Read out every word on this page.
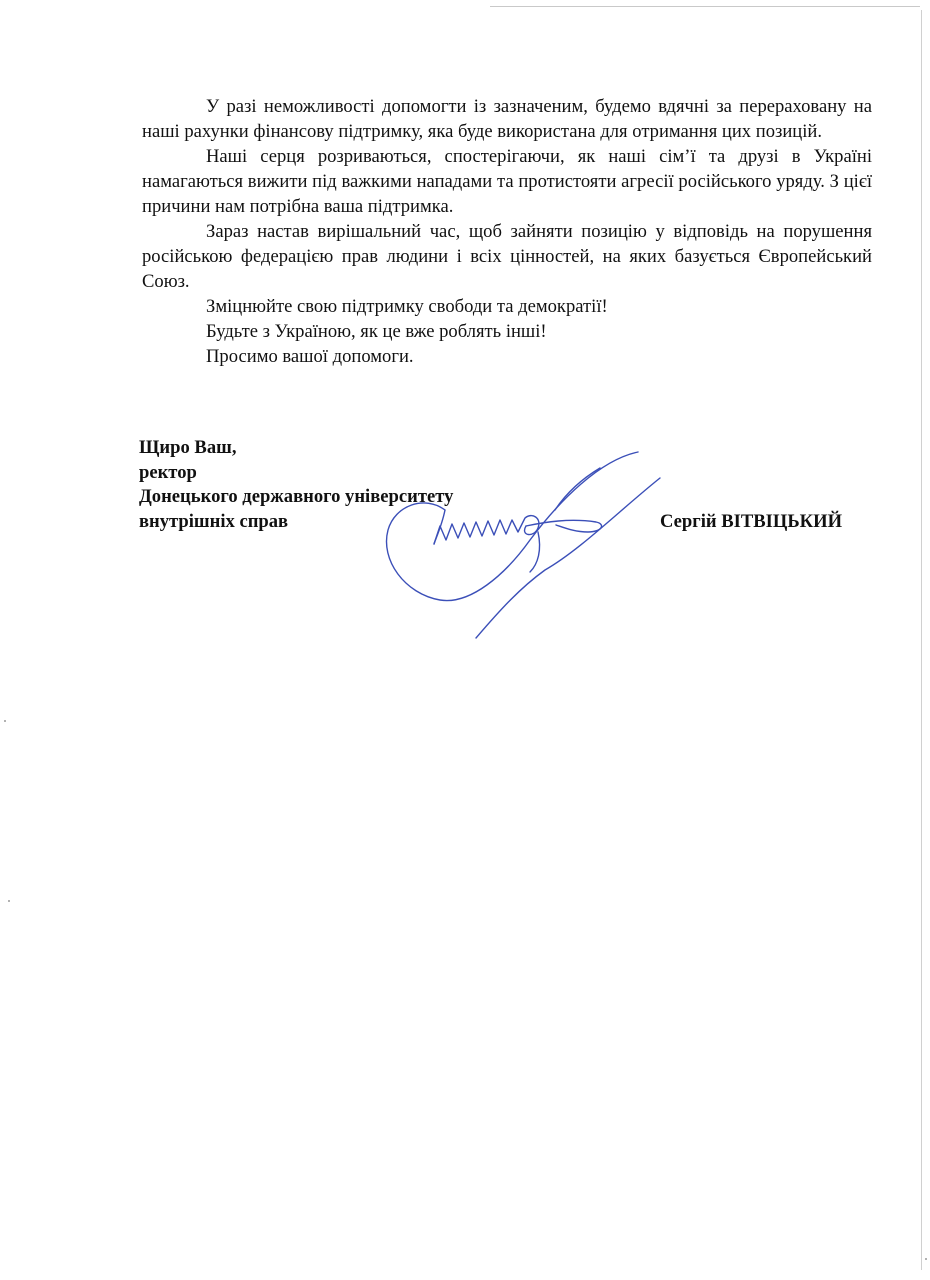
У разі неможливості допомогти із зазначеним, будемо вдячні за перераховану на наші рахунки фінансову підтримку, яка буде використана для отримання цих позицій.

Наші серця розриваються, спостерігаючи, як наші сім’ї та друзі в Україні намагаються вижити під важкими нападами та протистояти агресії російського уряду. З цієї причини нам потрібна ваша підтримка.

Зараз настав вирішальний час, щоб зайняти позицію у відповідь на порушення російською федерацією прав людини і всіх цінностей, на яких базується Європейський Союз.

Зміцнюйте свою підтримку свободи та демократії!

Будьте з Україною, як це вже роблять інші!

Просимо вашої допомоги.

Щиро Ваш,
ректор
Донецького державного університету
внутрішніх справ	Сергій ВІТВІЦЬКИЙ
